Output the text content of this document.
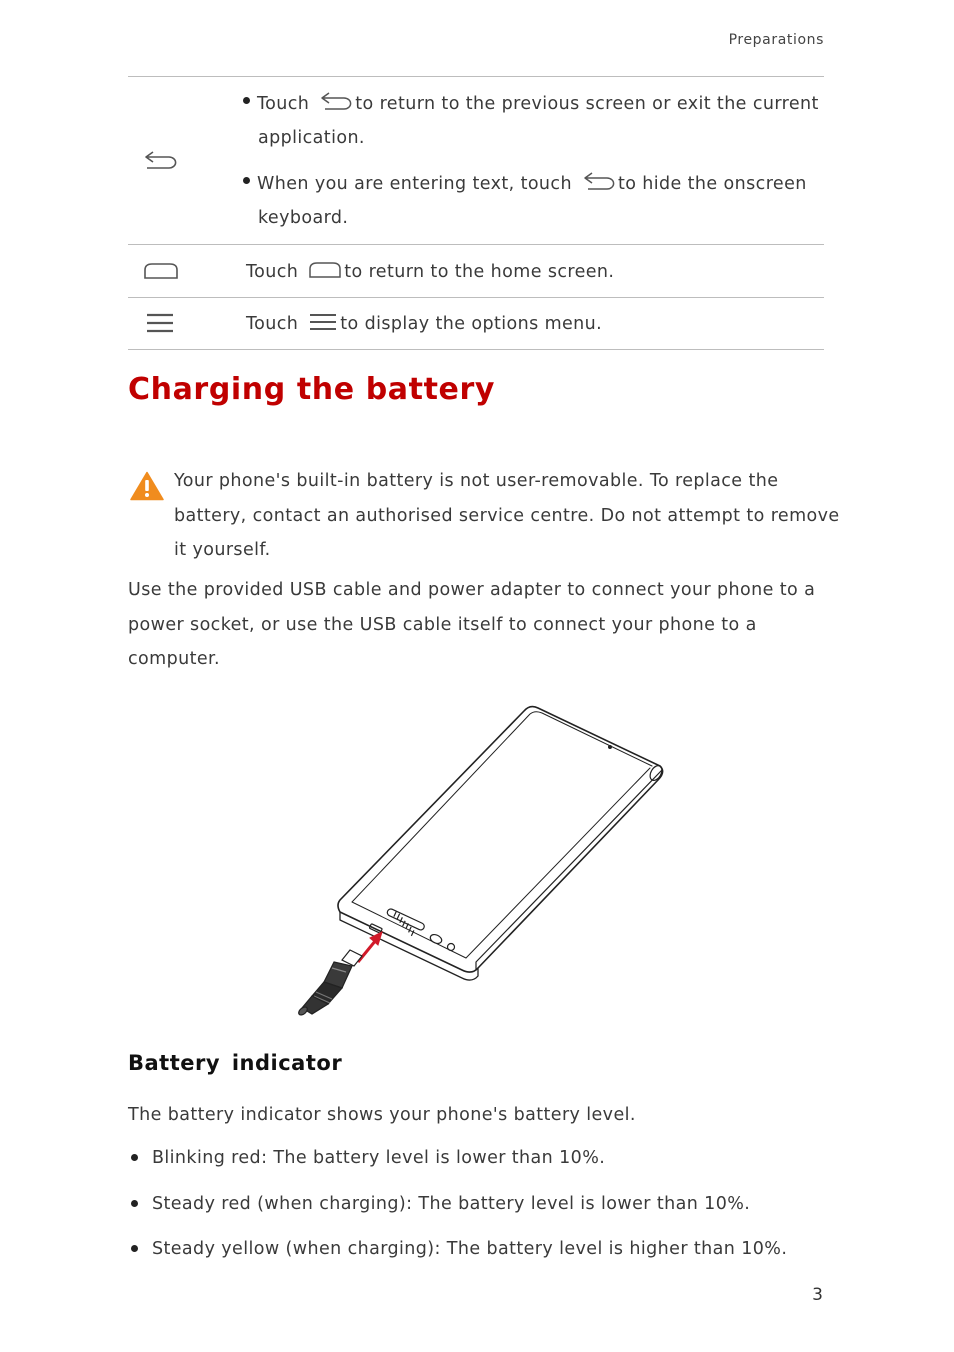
Preparations
Touch	to return to the previous screen or exit the current
application.
When you are entering text, touch	to hide the onscreen
keyboard.
Touch	to return to the home screen.
Touch to display the options menu.
Charging the battery
Your phone's built-in battery is not user-removable. To replace the
battery, contact an authorised service centre. Do not attempt to remove
it yourself.
Use the provided USB cable and power adapter to connect your phone to a
power socket, or use the USB cable itself to connect your phone to a
computer.
Battery indicator
The battery indicator shows your phone's battery level.
Blinking red: The battery level is lower than 10%.
Steady red (when charging): The battery level is lower than 10%.
Steady yellow (when charging): The battery level is higher than 10%.
3
